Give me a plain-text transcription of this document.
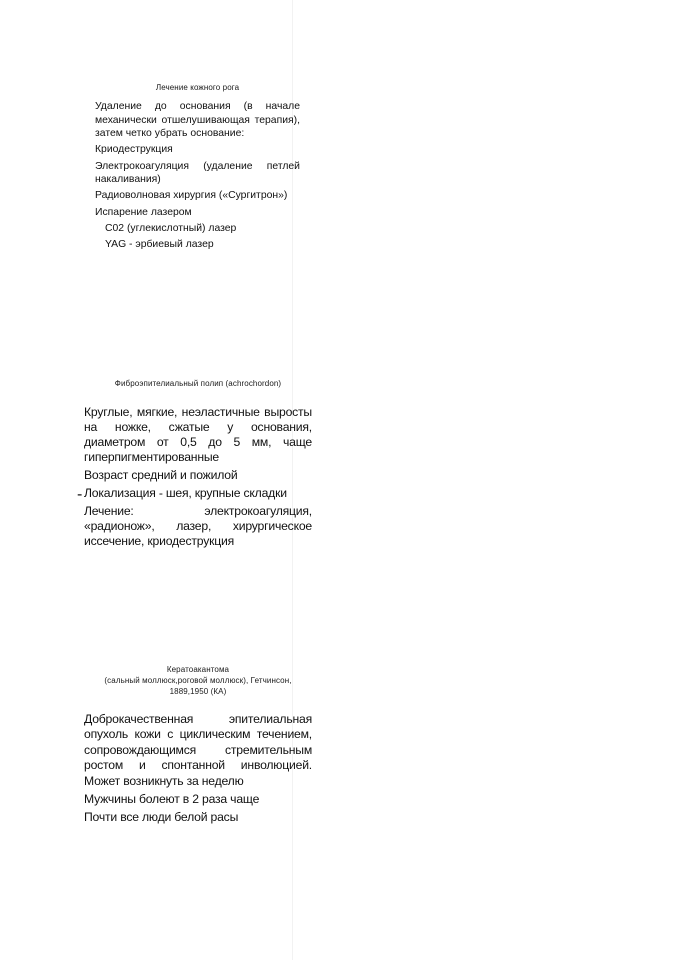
Лечение кожного рога

Удаление до основания (в начале механически отшелушивающая терапия), затем четко убрать основание:

Криодеструкция

Электрокоагуляция (удаление петлей накаливания)

Радиоволновая хирургия («Сургитрон»)

Испарение лазером

С02 (углекислотный) лазер

YAG - эрбиевый лазер

Фиброэпителиальный полип (achrochordon)

Круглые, мягкие, неэластичные выросты на ножке, сжатые у основания, диаметром от 0,5 до 5 мм, чаще гиперпигментированные

Возраст средний и пожилой

- Локализация - шея, крупные складки

Лечение: электрокоагуляция, «радионож», лазер, хирургическое иссечение, криодеструкция

Кератоакантома

(сальный моллюск,роговой моллюск), Гетчинсон,

1889,1950 (КА)

Доброкачественная эпителиальная опухоль кожи с циклическим течением, сопровождающимся стремительным ростом и спонтанной инволюцией. Может возникнуть за неделю

Мужчины болеют в 2 раза чаще

Почти все люди белой расы
